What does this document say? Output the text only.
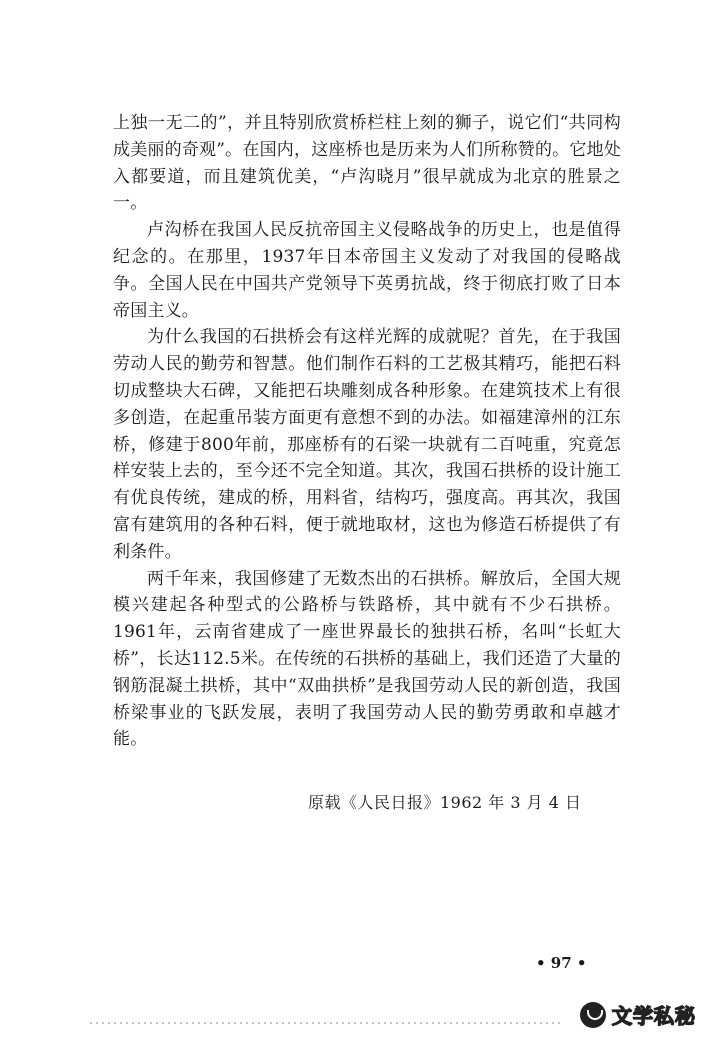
上独一无二的”，并且特别欣赏桥栏柱上刻的狮子，说它们“共同构成美丽的奇观”。在国内，这座桥也是历来为人们所称赞的。它地处入都要道，而且建筑优美，“卢沟晓月”很早就成为北京的胜景之一。

卢沟桥在我国人民反抗帝国主义侵略战争的历史上，也是值得纪念的。在那里，1937年日本帝国主义发动了对我国的侵略战争。全国人民在中国共产党领导下英勇抗战，终于彻底打败了日本帝国主义。

为什么我国的石拱桥会有这样光辉的成就呢？首先，在于我国劳动人民的勤劳和智慧。他们制作石料的工艺极其精巧，能把石料切成整块大石碑，又能把石块雕刻成各种形象。在建筑技术上有很多创造，在起重吊装方面更有意想不到的办法。如福建漳州的江东桥，修建于800年前，那座桥有的石梁一块就有二百吨重，究竟怎样安装上去的，至今还不完全知道。其次，我国石拱桥的设计施工有优良传统，建成的桥，用料省，结构巧，强度高。再其次，我国富有建筑用的各种石料，便于就地取材，这也为修造石桥提供了有利条件。

两千年来，我国修建了无数杰出的石拱桥。解放后，全国大规模兴建起各种型式的公路桥与铁路桥，其中就有不少石拱桥。1961年，云南省建成了一座世界最长的独拱石桥，名叫“长虹大桥”，长达112.5米。在传统的石拱桥的基础上，我们还造了大量的钢筋混凝土拱桥，其中“双曲拱桥”是我国劳动人民的新创造，我国桥梁事业的飞跃发展，表明了我国劳动人民的勤劳勇敢和卓越才能。

原载《人民日报》1962 年 3 月 4 日
• 97 •
文学私秘
